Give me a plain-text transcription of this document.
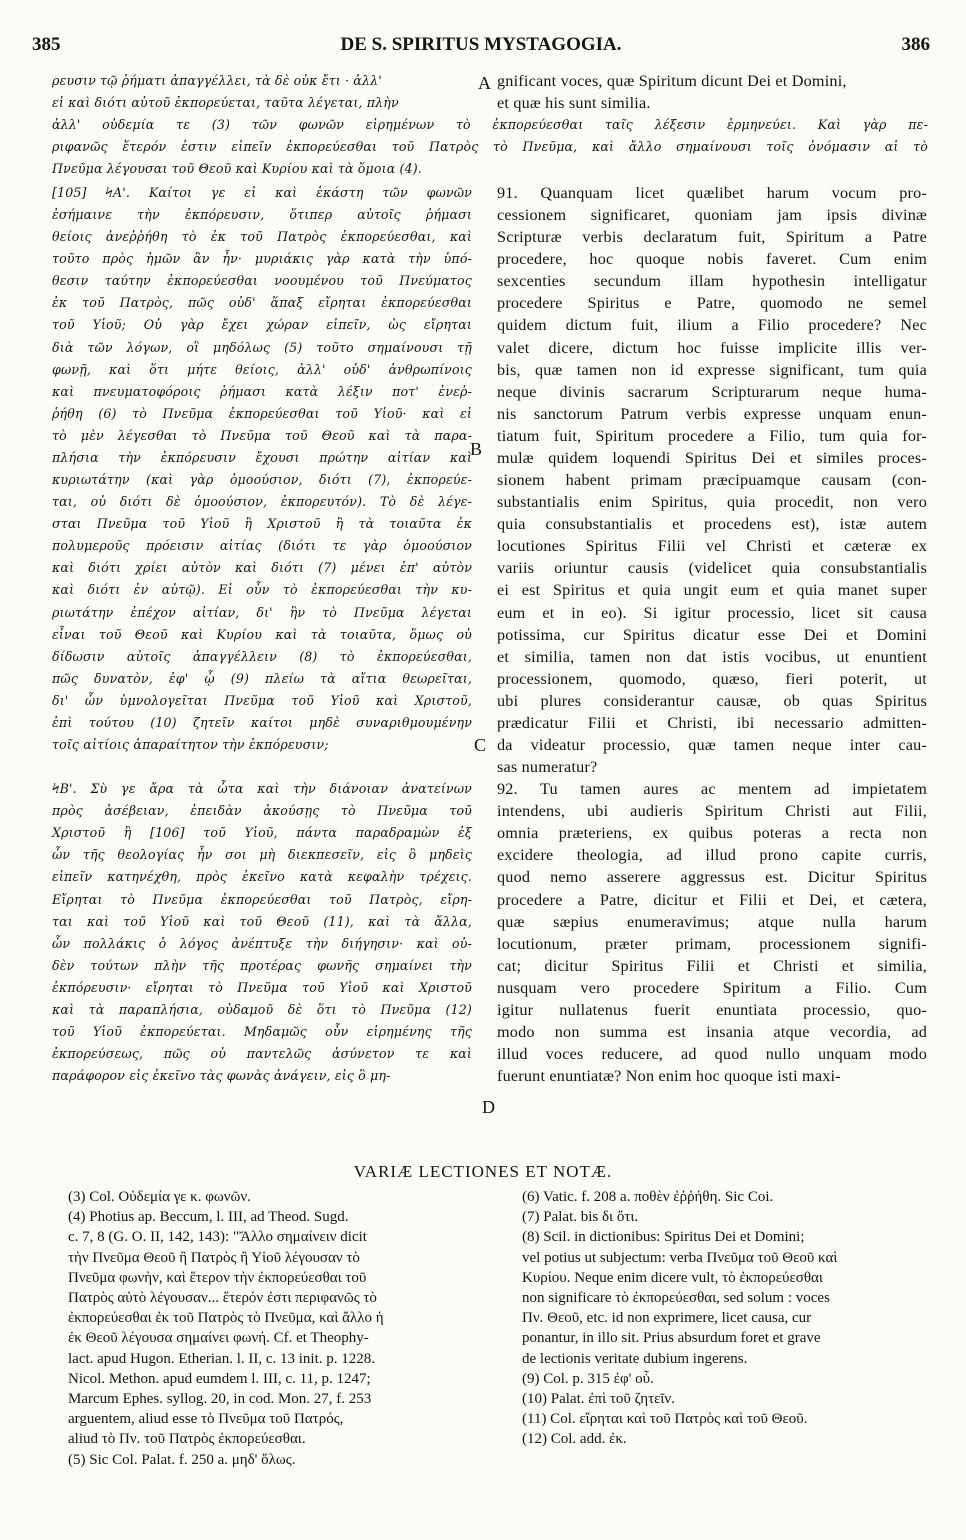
385	DE S. SPIRITUS MYSTAGOGIA.	386
ρευσιν τῷ ῥήματι ἀπαγγέλλει, τὰ δὲ οὐκ ἔτι · ἀλλ'
εἰ καὶ διότι αὐτοῦ ἐκπορεύεται, ταῦτα λέγεται, πλὴν
A gnificant voces, quæ Spiritum dicunt Dei et Domini,
et quæ his sunt similia.
ἀλλ' οὐδεμία τε (3) τῶν φωνῶν εἰρημένων τὸ ἐκπορεύεσθαι ταῖς λέξεσιν ἑρμηνεύει. Καὶ γὰρ πε-
ριφανῶς ἕτερόν ἐστιν εἰπεῖν ἐκπορεύεσθαι τοῦ Πατρὸς τὸ Πνεῦμα, καὶ ἄλλο σημαίνουσι τοῖς ὀνόμασιν αἱ τὸ
Πνεῦμα λέγουσαι τοῦ Θεοῦ καὶ Κυρίου καὶ τὰ ὅμοια (4).
[105] ϞΑ'. Καίτοι γε εἰ καὶ ἑκάστη τῶν φωνῶν
ἐσήμαινε τὴν ἐκπόρευσιν, ὅτιπερ αὐτοῖς ῥήμασι
θείοις ἀνεῤῥήθη τὸ ἐκ τοῦ Πατρὸς ἐκπορεύεσθαι, καὶ
τοῦτο πρὸς ἡμῶν ἂν ἦν· μυριάκις γὰρ κατὰ τὴν ὑπό-
θεσιν ταύτην ἐκπορεύεσθαι νοουμένου τοῦ Πνεύματος
ἐκ τοῦ Πατρὸς, πῶς οὐδ' ἅπαξ εἴρηται ἐκπορεύεσθαι
τοῦ Υἱοῦ; Οὐ γὰρ ἔχει χώραν εἰπεῖν, ὡς εἴρηται
διὰ τῶν λόγων, οἳ μηδόλως (5) τοῦτο σημαίνουσι τῇ
φωνῇ, καὶ ὅτι μήτε θείοις, ἀλλ' οὐδ' ἀνθρωπίνοις
καὶ πνευματοφόροις ῥήμασι κατὰ λέξιν ποτ' ἐνεῤ-
ῥήθη (6) τὸ Πνεῦμα ἐκπορεύεσθαι τοῦ Υἱοῦ· καὶ εἰ
τὸ μὲν λέγεσθαι τὸ Πνεῦμα τοῦ Θεοῦ καὶ τὰ παρα-
πλήσια τὴν ἐκπόρευσιν ἔχουσι πρώτην αἰτίαν καὶ
κυριωτάτην (καὶ γὰρ ὁμοούσιον, διότι (7), ἐκπορεύε-
ται, οὐ διότι δὲ ὁμοούσιον, ἐκπορευτόν). Τὸ δὲ λέγε-
σται Πνεῦμα τοῦ Υἱοῦ ἢ Χριστοῦ ἢ τὰ τοιαῦτα ἐκ
πολυμεροῦς πρόεισιν αἰτίας (διότι τε γὰρ ὁμοούσιον
καὶ διότι χρίει αὐτὸν καὶ διότι (7) μένει ἐπ' αὐτὸν
καὶ διότι ἐν αὐτῷ). Εἰ οὖν τὸ ἐκπορεύεσθαι τὴν κυ-
ριωτάτην ἐπέχον αἰτίαν, δι' ἣν τὸ Πνεῦμα λέγεται
εἶναι τοῦ Θεοῦ καὶ Κυρίου καὶ τὰ τοιαῦτα, ὅμως οὐ
δίδωσιν αὐτοῖς ἀπαγγέλλειν (8) τὸ ἐκπορεύεσθαι,
πῶς δυνατὸν, ἐφ' ᾧ (9) πλείω τὰ αἴτια θεωρεῖται,
δι' ὧν ὑμνολογεῖται Πνεῦμα τοῦ Υἱοῦ καὶ Χριστοῦ,
ἐπὶ τούτου (10) ζητεῖν καίτοι μηδὲ συναριθμουμένην
τοῖς αἰτίοις ἀπαραίτητον τὴν ἐκπόρευσιν;
ϞΒ'. Σὺ γε ἄρα τὰ ὦτα καὶ τὴν διάνοιαν ἀνατείνων
πρὸς ἀσέβειαν, ἐπειδὰν ἀκούσῃς τὸ Πνεῦμα τοῦ
Χριστοῦ ἢ [106] τοῦ Υἱοῦ, πάντα παραδραμὼν ἐξ
ὧν τῆς θεολογίας ἦν σοι μὴ διεκπεσεῖν, εἰς ὃ μηδεὶς
εἰπεῖν κατηνέχθη, πρὸς ἐκεῖνο κατὰ κεφαλὴν τρέχεις.
Εἴρηται τὸ Πνεῦμα ἐκπορεύεσθαι τοῦ Πατρὸς, εἴρη-
ται καὶ τοῦ Υἱοῦ καὶ τοῦ Θεοῦ (11), καὶ τὰ ἄλλα,
ὧν πολλάκις ὁ λόγος ἀνέπτυξε τὴν διήγησιν· καὶ οὐ-
δὲν τούτων πλὴν τῆς προτέρας φωνῆς σημαίνει τὴν
ἐκπόρευσιν· εἴρηται τὸ Πνεῦμα τοῦ Υἱοῦ καὶ Χριστοῦ
καὶ τὰ παραπλήσια, οὐδαμοῦ δὲ ὅτι τὸ Πνεῦμα (12)
τοῦ Υἱοῦ ἐκπορεύεται. Μηδαμῶς οὖν εἰρημένης τῆς
ἐκπορεύσεως, πῶς οὐ παντελῶς ἀσύνετον τε καὶ
παράφορον εἰς ἐκεῖνο τὰς φωνὰς ἀνάγειν, εἰς ὃ μη-
91. Quanquam licet quælibet harum vocum pro-
cessionem significaret, quoniam jam ipsis divinæ
Scripturæ verbis declaratum fuit, Spiritum a Patre
procedere, hoc quoque nobis faveret. Cum enim
sexcenties secundum illam hypothesin intelligatur
procedere Spiritus e Patre, quomodo ne semel
quidem dictum fuit, ilium a Filio procedere? Nec
valet dicere, dictum hoc fuisse implicite illis ver-
bis, quæ tamen non id expresse significant, tum quia
neque divinis sacrarum Scripturarum neque huma-
nis sanctorum Patrum verbis expresse unquam enun-
tiatum fuit, Spiritum procedere a Filio, tum quia for-
mulæ quidem loquendi Spiritus Dei et similes proces-
sionem habent primam præcipuamque causam (con-
substantialis enim Spiritus, quia procedit, non vero
quia consubstantialis et procedens est), istæ autem
locutiones Spiritus Filii vel Christi et cæteræ ex
variis oriuntur causis (videlicet quia consubstantialis
ei est Spiritus et quia ungit eum et quia manet super
eum et in eo). Si igitur processio, licet sit causa
potissima, cur Spiritus dicatur esse Dei et Domini
et similia, tamen non dat istis vocibus, ut enuntient
processionem, quomodo, quæso, fieri poterit, ut
ubi plures considerantur causæ, ob quas Spiritus
prædicatur Filii et Christi, ibi necessario admitten-
da videatur processio, quæ tamen neque inter cau-
sas numeratur?
92. Tu tamen aures ac mentem ad impietatem
intendens, ubi audieris Spiritum Christi aut Filii,
omnia præteriens, ex quibus poteras a recta non
excidere theologia, ad illud prono capite curris,
quod nemo asserere aggressus est. Dicitur Spiritus
procedere a Patre, dicitur et Filii et Dei, et cætera,
quæ sæpius enumeravimus; atque nulla harum
locutionum, præter primam, processionem signifi-
cat; dicitur Spiritus Filii et Christi et similia,
nusquam vero procedere Spiritum a Filio. Cum
igitur nullatenus fuerit enuntiata processio, quo-
modo non summa est insania atque vecordia, ad
illud voces reducere, ad quod nullo unquam modo
fuerunt enuntiatæ? Non enim hoc quoque isti maxi-
B
C
D
VARIÆ LECTIONES ET NOTÆ.
(3) Col. Οὐδεμία γε κ. φωνῶν.
(4) Photius ap. Beccum, l. III, ad Theod. Sugd.
c. 7, 8 (G. O. II, 142, 143): "Ἄλλο σημαίνειν dicit
τὴν Πνεῦμα Θεοῦ ἢ Πατρὸς ἢ Υἱοῦ λέγουσαν τὸ
Πνεῦμα φωνὴν, καὶ ἕτερον τὴν ἐκπορεύεσθαι τοῦ
Πατρὸς αὐτὸ λέγουσαν... ἕτερόν ἐστι περιφανῶς τὸ
ἐκπορεύεσθαι ἐκ τοῦ Πατρὸς τὸ Πνεῦμα, καὶ ἄλλο ἡ
ἐκ Θεοῦ λέγουσα σημαίνει φωνή. Cf. et Theophy-
lact. apud Hugon. Etherian. l. II, c. 13 init. p. 1228.
Nicol. Methon. apud eumdem l. III, c. 11, p. 1247;
Marcum Ephes. syllog. 20, in cod. Mon. 27, f. 253
arguentem, aliud esse τὸ Πνεῦμα τοῦ Πατρός,
aliud τὸ Πν. τοῦ Πατρὸς ἐκπορεύεσθαι.
(5) Sic Col. Palat. f. 250 a. μηδ' ὅλως.
(6) Vatic. f. 208 a. ποθὲν ἐῤῥήθη. Sic Coi.
(7) Palat. bis δι ὅτι.
(8) Scil. in dictionibus: Spiritus Dei et Domini;
vel potius ut subjectum: verba Πνεῦμα τοῦ Θεοῦ καὶ
Κυρίου. Neque enim dicere vult, τὸ ἐκπορεύεσθαι
non significare τὸ ἐκπορεύεσθαι, sed solum : voces
Πν. Θεοῦ, etc. id non exprimere, licet causa, cur
ponantur, in illo sit. Prius absurdum foret et grave
de lectionis veritate dubium ingerens.
(9) Col. p. 315 ἐφ' οὗ.
(10) Palat. ἐπὶ τοῦ ζητεῖν.
(11) Col. εἴρηται καὶ τοῦ Πατρὸς καὶ τοῦ Θεοῦ.
(12) Col. add. ἐκ.
